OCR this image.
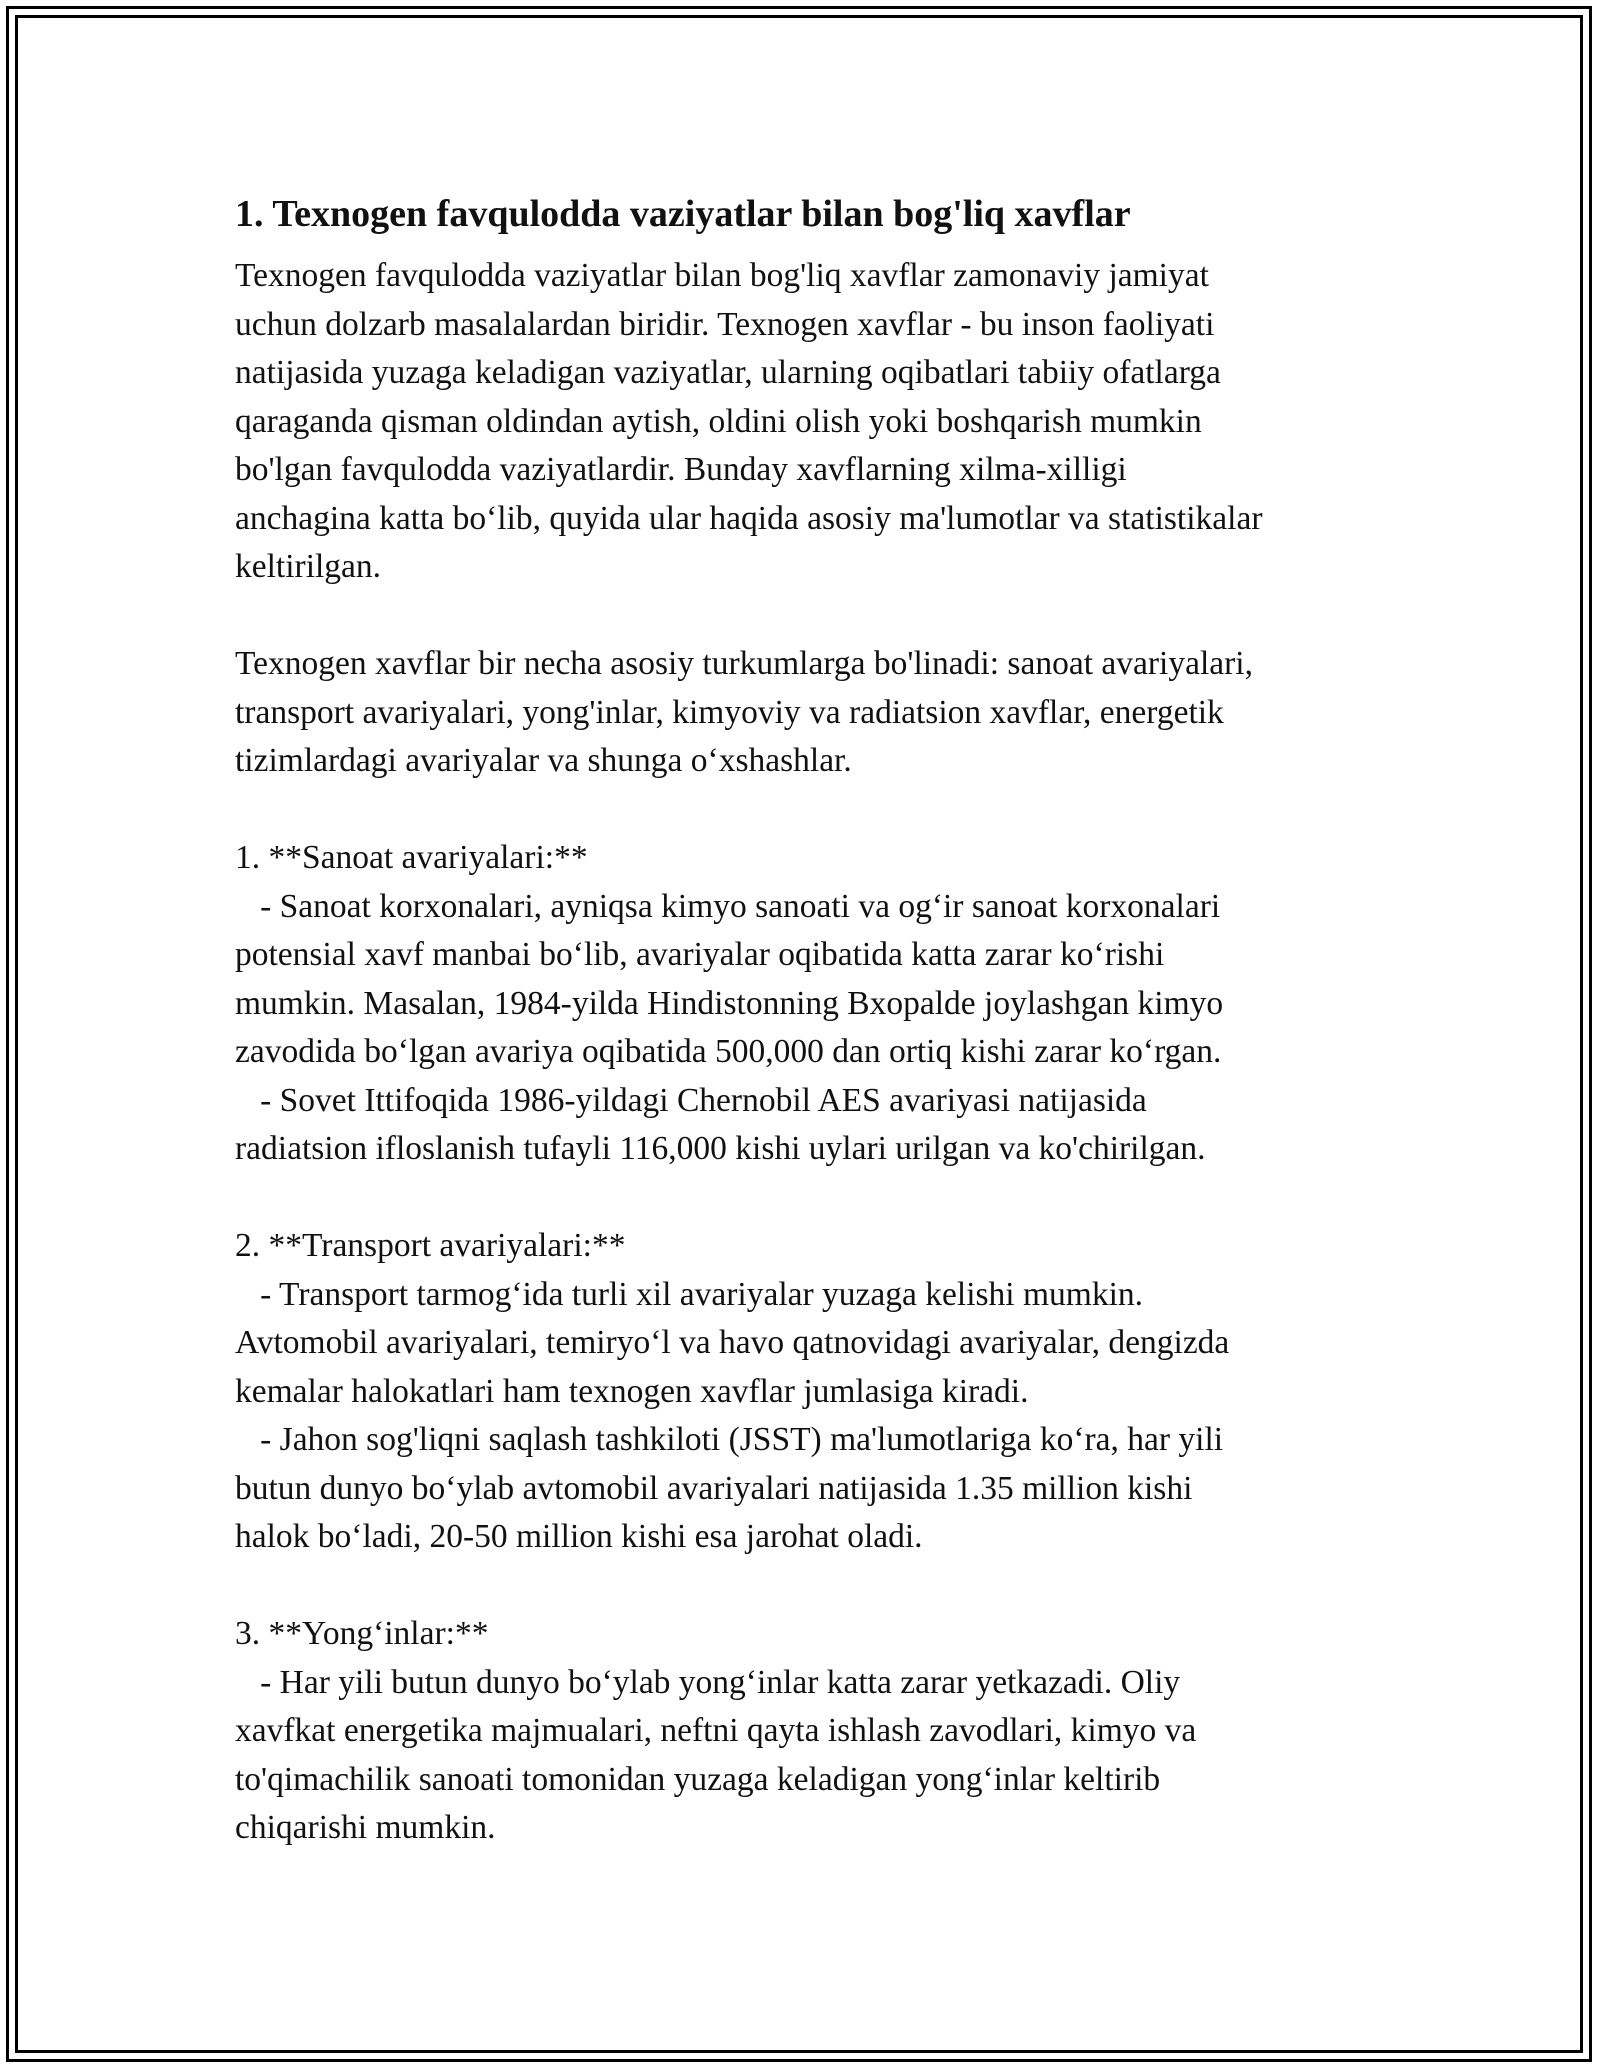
1. Texnogen favqulodda vaziyatlar bilan bog'liq xavflar
Texnogen favqulodda vaziyatlar bilan bog'liq xavflar zamonaviy jamiyat
uchun dolzarb masalalardan biridir. Texnogen xavflar - bu inson faoliyati
natijasida yuzaga keladigan vaziyatlar, ularning oqibatlari tabiiy ofatlarga
qaraganda qisman oldindan aytish, oldini olish yoki boshqarish mumkin
bo'lgan favqulodda vaziyatlardir. Bunday xavflarning xilma-xilligi
anchagina katta bo‘lib, quyida ular haqida asosiy ma'lumotlar va statistikalar
keltirilgan.
Texnogen xavflar bir necha asosiy turkumlarga bo'linadi: sanoat avariyalari,
transport avariyalari, yong'inlar, kimyoviy va radiatsion xavflar, energetik
tizimlardagi avariyalar va shunga o‘xshashlar.
1. **Sanoat avariyalari:**
- Sanoat korxonalari, ayniqsa kimyo sanoati va og‘ir sanoat korxonalari
potensial xavf manbai bo‘lib, avariyalar oqibatida katta zarar ko‘rishi
mumkin. Masalan, 1984-yilda Hindistonning Bxopalde joylashgan kimyo
zavodida bo‘lgan avariya oqibatida 500,000 dan ortiq kishi zarar ko‘rgan.
- Sovet Ittifoqida 1986-yildagi Chernobil AES avariyasi natijasida
radiatsion ifloslanish tufayli 116,000 kishi uylari urilgan va ko'chirilgan.
2. **Transport avariyalari:**
- Transport tarmog‘ida turli xil avariyalar yuzaga kelishi mumkin.
Avtomobil avariyalari, temiryo‘l va havo qatnovidagi avariyalar, dengizda
kemalar halokatlari ham texnogen xavflar jumlasiga kiradi.
- Jahon sog'liqni saqlash tashkiloti (JSST) ma'lumotlariga ko‘ra, har yili
butun dunyo bo‘ylab avtomobil avariyalari natijasida 1.35 million kishi
halok bo‘ladi, 20-50 million kishi esa jarohat oladi.
3. **Yong‘inlar:**
- Har yili butun dunyo bo‘ylab yong‘inlar katta zarar yetkazadi. Oliy
xavfkat energetika majmualari, neftni qayta ishlash zavodlari, kimyo va
to'qimachilik sanoati tomonidan yuzaga keladigan yong‘inlar keltirib
chiqarishi mumkin.
